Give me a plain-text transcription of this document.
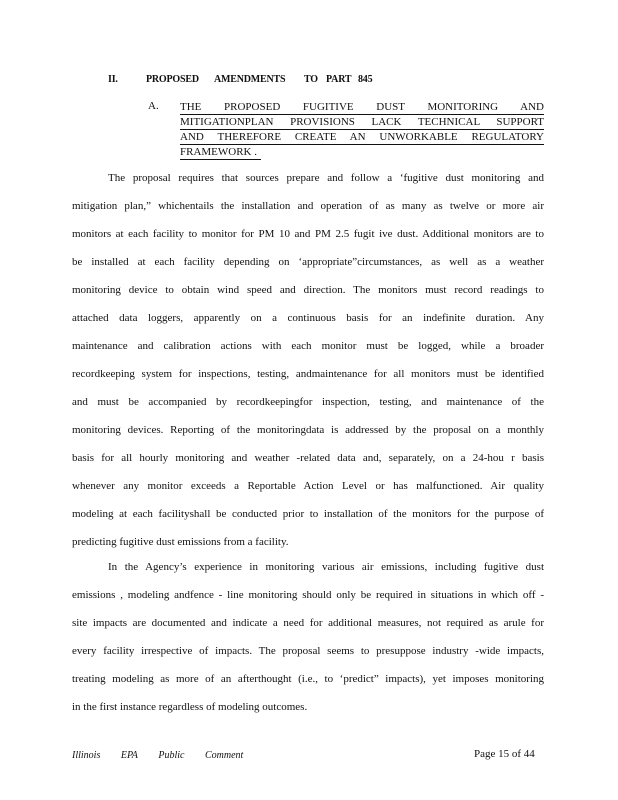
II.	PROPOSED AMENDMENTS TO PART 845
A. THE PROPOSED FUGITIVE DUST MONITORING AND
MITIGATIONPLAN PROVISIONS LACK TECHNICAL SUPPORT
AND THEREFORE CREATE AN UNWORKABLE REGULATORY
FRAMEWORK .
The proposal requires that sources prepare and follow a ‘fugitive dust monitoring and
mitigation plan,” whichentails the installation and operation of as many as twelve or more air
monitors at each facility to monitor for PM 10 and PM 2.5 fugit ive dust. Additional monitors are to
be installed at each facility depending on ‘appropriate”circumstances, as well as a weather
monitoring device to obtain wind speed and direction. The monitors must record readings to
attached data loggers, apparently on a continuous basis for an indefinite duration. Any
maintenance and calibration actions with each monitor must be logged, while a broader
recordkeeping system for inspections, testing, andmaintenance for all monitors must be identified
and must be accompanied by recordkeepingfor inspection, testing, and maintenance of the
monitoring devices. Reporting of the monitoringdata is addressed by the proposal on a monthly
basis for all hourly monitoring and weather -related data and, separately, on a 24-hou r basis
whenever any monitor exceeds a Reportable Action Level or has malfunctioned. Air quality
modeling at each facilityshall be conducted prior to installation of the monitors for the purpose of
predicting fugitive dust emissions from a facility.
In the Agency’s experience in monitoring various air emissions, including fugitive dust
emissions , modeling andfence - line monitoring should only be required in situations in which off -
site impacts are documented and indicate a need for additional measures, not required as arule for
every facility irrespective of impacts. The proposal seems to presuppose industry -wide impacts,
treating modeling as more of an afterthought (i.e., to ‘predict” impacts), yet imposes monitoring
in the first instance regardless of modeling outcomes.
Illinois EPA Public Comment	Page 15 of 44
